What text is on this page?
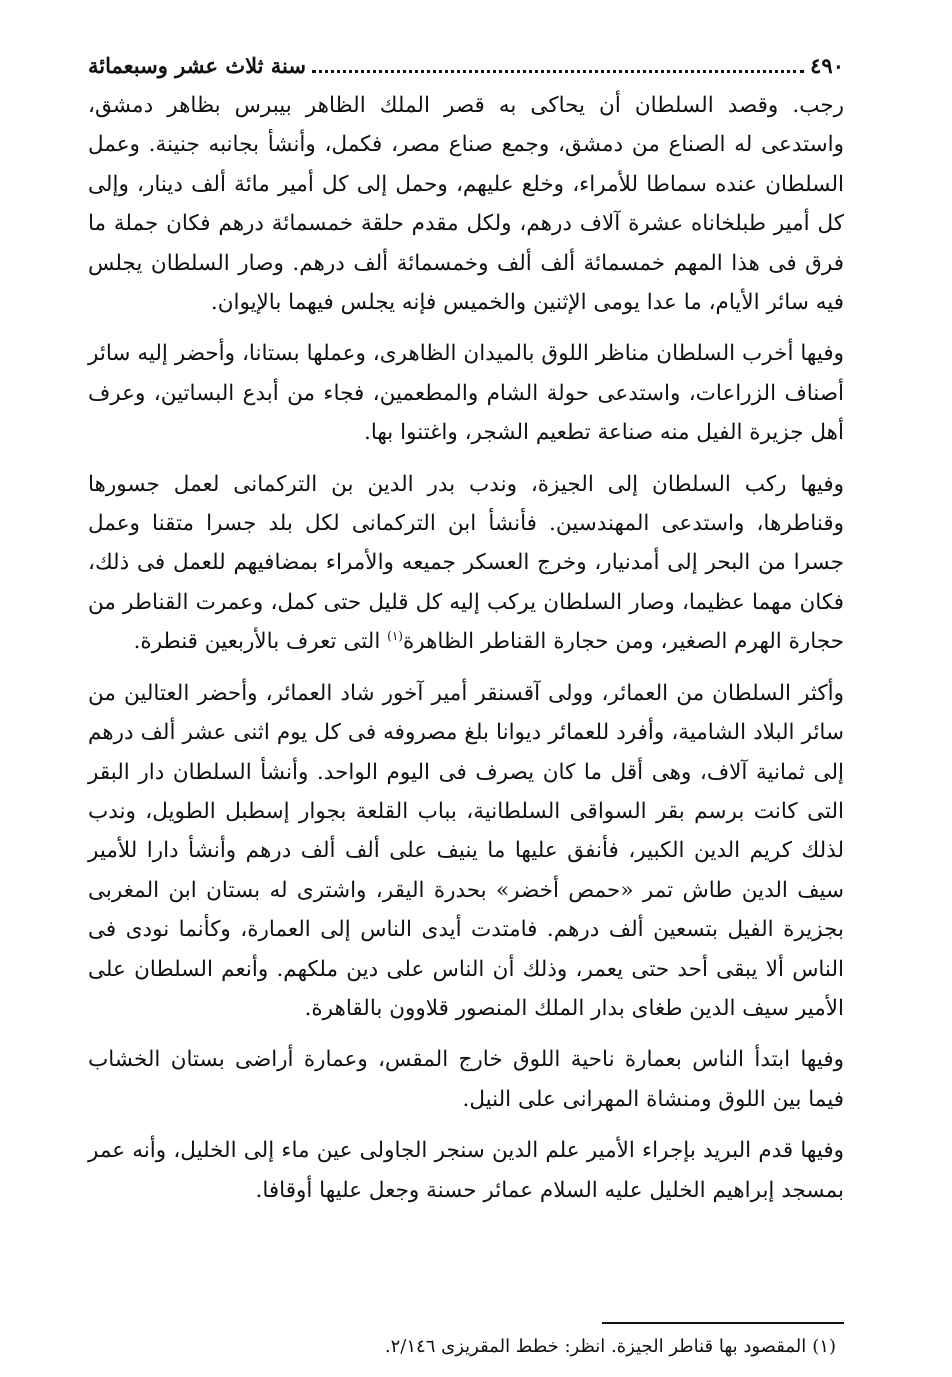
٤٩٠
سنة ثلاث عشر وسبعمائة

رجب. وقصد السلطان أن يحاكى به قصر الملك الظاهر بيبرس بظاهر دمشق، واستدعى له الصناع من دمشق، وجمع صناع مصر، فكمل، وأنشأ بجانبه جنينة. وعمل السلطان عنده سماطا للأمراء، وخلع عليهم، وحمل إلى كل أمير مائة ألف دينار، وإلى كل أمير طبلخاناه عشرة آلاف درهم، ولكل مقدم حلقة خمسمائة درهم فكان جملة ما فرق فى هذا المهم خمسمائة ألف ألف وخمسمائة ألف درهم. وصار السلطان يجلس فيه سائر الأيام، ما عدا يومى الإثنين والخميس فإنه يجلس فيهما بالإيوان.

وفيها أخرب السلطان مناظر اللوق بالميدان الظاهرى، وعملها بستانا، وأحضر إليه سائر أصناف الزراعات، واستدعى حولة الشام والمطعمين، فجاء من أبدع البساتين، وعرف أهل جزيرة الفيل منه صناعة تطعيم الشجر، واغتنوا بها.

وفيها ركب السلطان إلى الجيزة، وندب بدر الدين بن التركمانى لعمل جسورها وقناطرها، واستدعى المهندسين. فأنشأ ابن التركمانى لكل بلد جسرا متقنا وعمل جسرا من البحر إلى أمدنيار، وخرج العسكر جميعه والأمراء بمضافيهم للعمل فى ذلك، فكان مهما عظيما، وصار السلطان يركب إليه كل قليل حتى كمل، وعمرت القناطر من حجارة الهرم الصغير، ومن حجارة القناطر الظاهرة$^{(١)}$ التى تعرف بالأربعين قنطرة.

وأكثر السلطان من العمائر، وولى آقسنقر أمير آخور شاد العمائر، وأحضر العتالين من سائر البلاد الشامية، وأفرد للعمائر ديوانا بلغ مصروفه فى كل يوم اثنى عشر ألف درهم إلى ثمانية آلاف، وهى أقل ما كان يصرف فى اليوم الواحد. وأنشأ السلطان دار البقر التى كانت برسم بقر السواقى السلطانية، بباب القلعة بجوار إسطبل الطويل، وندب لذلك كريم الدين الكبير، فأنفق عليها ما ينيف على ألف ألف درهم وأنشأ دارا للأمير سيف الدين طاش تمر «حمص أخضر» بحدرة اليقر، واشترى له بستان ابن المغربى بجزيرة الفيل بتسعين ألف درهم. فامتدت أيدى الناس إلى العمارة، وكأنما نودى فى الناس ألا يبقى أحد حتى يعمر، وذلك أن الناس على دين ملكهم. وأنعم السلطان على الأمير سيف الدين طغاى بدار الملك المنصور قلاوون بالقاهرة.

وفيها ابتدأ الناس بعمارة ناحية اللوق خارج المقس، وعمارة أراضى بستان الخشاب فيما بين اللوق ومنشاة المهرانى على النيل.

وفيها قدم البريد بإجراء الأمير علم الدين سنجر الجاولى عين ماء إلى الخليل، وأنه عمر بمسجد إبراهيم الخليل عليه السلام عمائر حسنة وجعل عليها أوقافا.

(١)المقصود بها قناطر الجيزة. انظر: خطط المقريزى ٢/١٤٦.
